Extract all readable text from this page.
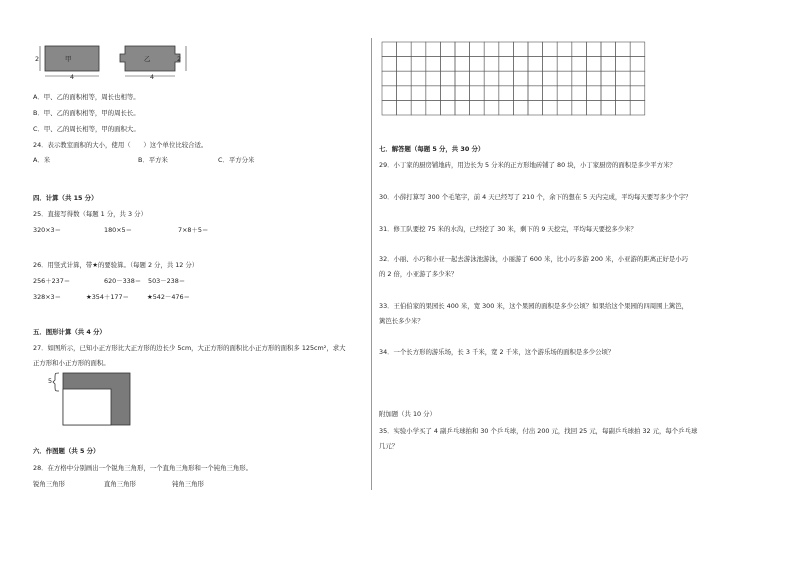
甲
2
4
乙	2
4
A．甲、乙的面积相等，周长也相等。
B．甲、乙的面积相等，甲的周长长。
C．甲、乙的周长相等，甲的面积大。
24．表示教室面积的大小，使用（　　）这个单位比较合适。
A．米	B．平方米	C．平方分米
四．计算（共 15 分）
25．直接写得数（每题 1 分，共 3 分）
320×3＝	180×5＝	7×8＋5＝
26．用竖式计算，带★的要验算。（每题 2 分，共 12 分）
256＋237＝	620－338＝ 503－238＝
328×3＝	★354＋177＝	★542－476＝
五．图形计算（共 4 分）
27．如图所示，已知小正方形比大正方形的边长少 5cm，大正方形的面积比小正方形的面积多 125cm²，求大
正方形和小正方形的面积。
5
六．作图题（共 5 分）
28．在方格中分别画出一个锐角三角形，一个直角三角形和一个钝角三角形。
锐角三角形	直角三角形	钝角三角形
七．解答题（每题 5 分，共 30 分）
29．小丁家的厨房铺地砖，用边长为 5 分米的正方形地砖铺了 80 块，小丁家厨房的面积是多少平方米？
30．小薛打算写 300 个毛笔字，前 4 天已经写了 210 个，余下的想在 5 天内完成，平均每天要写多少个字？
31．修工队要挖 75 米的水沟，已经挖了 30 米，剩下的 9 天挖完，平均每天要挖多少米？
32．小丽、小巧和小亚一起去游泳池游泳，小丽游了 600 米，比小巧多游 200 米，小亚游的距离正好是小巧
的 2 倍，小亚游了多少米？
33．王伯伯家的果园长 400 米，宽 300 米，这个果园的面积是多少公顷？如果给这个果园的四周围上篱笆，
篱笆长多少米？
34．一个长方形的游乐场，长 3 千米，宽 2 千米，这个游乐场的面积是多少公顷？
附加题（共 10 分）
35．实验小学买了 4 副乒乓球拍和 30 个乒乓球，付出 200 元，找回 25 元，每副乒乓球拍 32 元，每个乒乓球
几元？
